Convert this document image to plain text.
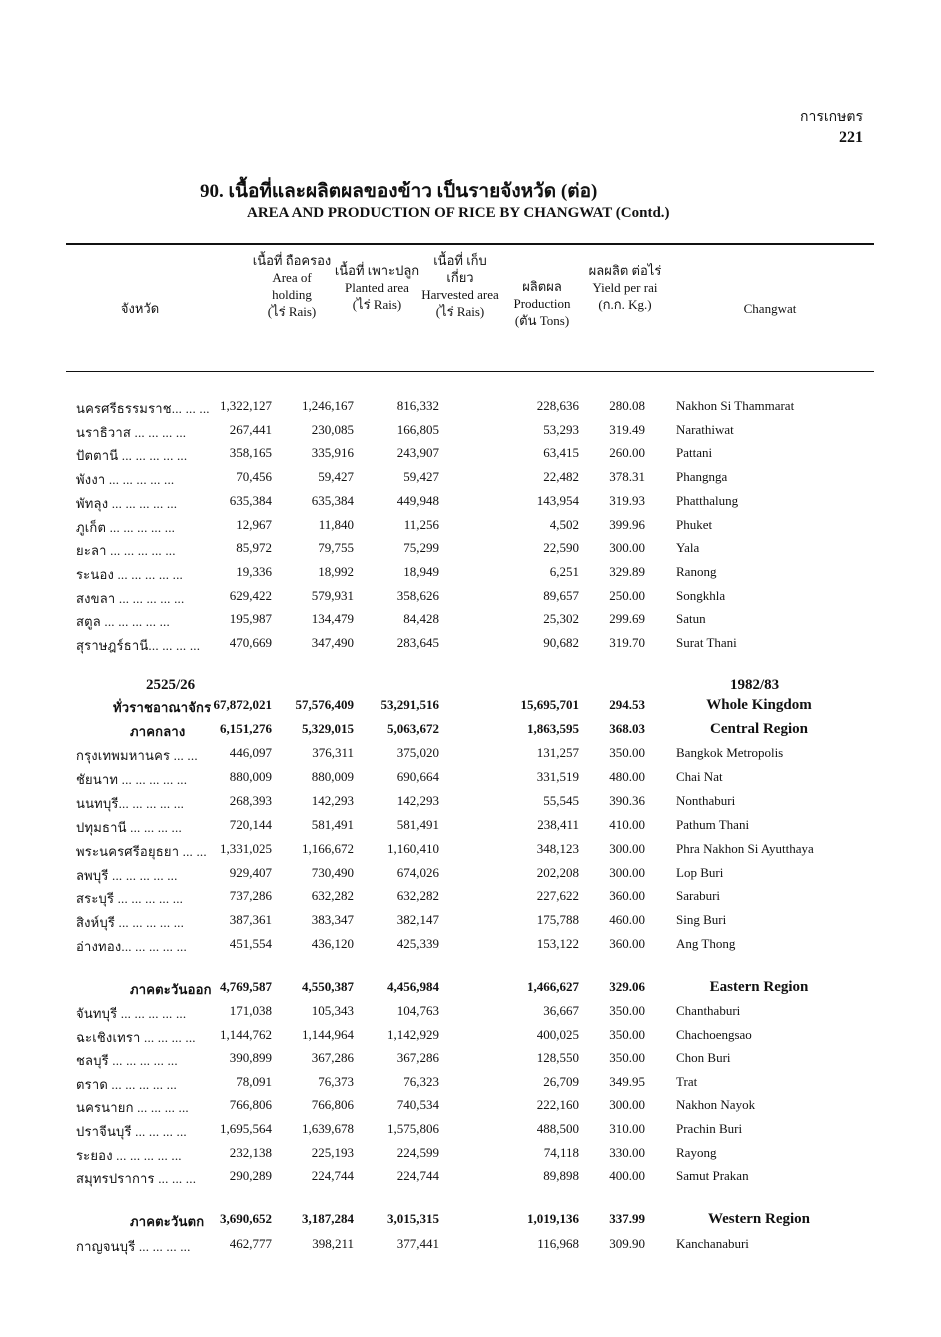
การเกษตร
221
90. เนื้อที่และผลิตผลของข้าว เป็นรายจังหวัด (ต่อ)
AREA AND PRODUCTION OF RICE BY CHANGWAT (Contd.)
จังหวัด
เนื้อที่ ถือครอง
Area of holding
(ไร่ Rais)
เนื้อที่ เพาะปลูก
Planted area
(ไร่ Rais)
เนื้อที่ เก็บเกี่ยว
Harvested area
(ไร่ Rais)
ผลิตผล
Production
(ตัน Tons)
ผลผลิต ต่อไร่
Yield per rai
(ก.ก. Kg.)	Changwat
นครศรีธรรมราช... ... ... 1,322,127 1,246,167	816,332	228,636 280.08 Nakhon Si Thammarat
นราธิวาส ... ... ... ...	267,441	230,085	166,805	53,293 319.49 Narathiwat
ปัตตานี ... ... ... ... ...	358,165	335,916	243,907	63,415 260.00 Pattani
พังงา ... ... ... ... ...	70,456	59,427	59,427	22,482 378.31 Phangnga
พัทลุง ... ... ... ... ...	635,384	635,384	449,948	143,954 319.93 Phatthalung
ภูเก็ต ... ... ... ... ...	12,967	11,840	11,256	4,502 399.96 Phuket
ยะลา ... ... ... ... ...	85,972	79,755	75,299	22,590 300.00 Yala
ระนอง ... ... ... ... ...	19,336	18,992	18,949	6,251 329.89 Ranong
สงขลา ... ... ... ... ...	629,422	579,931	358,626	89,657 250.00 Songkhla
สตูล ... ... ... ... ...	195,987	134,479	84,428	25,302 299.69 Satun
สุราษฎร์ธานี... ... ... ... 470,669	347,490	283,645	90,682 319.70 Surat Thani
ทั่วราชอาณาจักร 67,872,021 57,576,409 53,291,516	15,695,701 294.53	Whole Kingdom
ภาคกลาง	6,151,276 5,329,015	5,063,672	1,863,595 368.03	Central Region
กรุงเทพมหานคร ... ... 446,097	376,311	375,020	131,257 350.00 Bangkok Metropolis
ชัยนาท ... ... ... ... ...	880,009	880,009	690,664	331,519 480.00 Chai Nat
นนทบุรี... ... ... ... ...	268,393	142,293	142,293	55,545 390.36 Nonthaburi
ปทุมธานี ... ... ... ...	720,144	581,491	581,491	238,411 410.00 Pathum Thani
พระนครศรีอยุธยา ... ... 1,331,025 1,166,672	1,160,410	348,123 300.00 Phra Nakhon Si Ayutthaya
ลพบุรี ... ... ... ... ...	929,407	730,490	674,026	202,208 300.00 Lop Buri
สระบุรี ... ... ... ... ...	737,286	632,282	632,282	227,622 360.00 Saraburi
สิงห์บุรี ... ... ... ... ...	387,361	383,347	382,147	175,788 460.00 Sing Buri
อ่างทอง... ... ... ... ...	451,554	436,120	425,339	153,122 360.00 Ang Thong
ภาคตะวันออก 4,769,587 4,550,387	4,456,984	1,466,627 329.06	Eastern Region
จันทบุรี ... ... ... ... ...	171,038	105,343	104,763	36,667 350.00 Chanthaburi
ฉะเชิงเทรา ... ... ... ... 1,144,762 1,144,964	1,142,929	400,025 350.00 Chachoengsao
ชลบุรี ... ... ... ... ...	390,899	367,286	367,286	128,550 350.00 Chon Buri
ตราด ... ... ... ... ...	78,091	76,373	76,323	26,709 349.95 Trat
นครนายก ... ... ... ...	766,806	766,806	740,534	222,160 300.00 Nakhon Nayok
ปราจีนบุรี ... ... ... ...	1,695,564 1,639,678	1,575,806	488,500 310.00 Prachin Buri
ระยอง ... ... ... ... ...	232,138	225,193	224,599	74,118 330.00 Rayong
สมุทรปราการ ... ... ...	290,289	224,744	224,744	89,898 400.00 Samut Prakan
ภาคตะวันตก 3,690,652 3,187,284	3,015,315	1,019,136 337.99	Western Region
กาญจนบุรี ... ... ... ...	462,777	398,211	377,441	116,968 309.90 Kanchanaburi
2525/26	1982/83
